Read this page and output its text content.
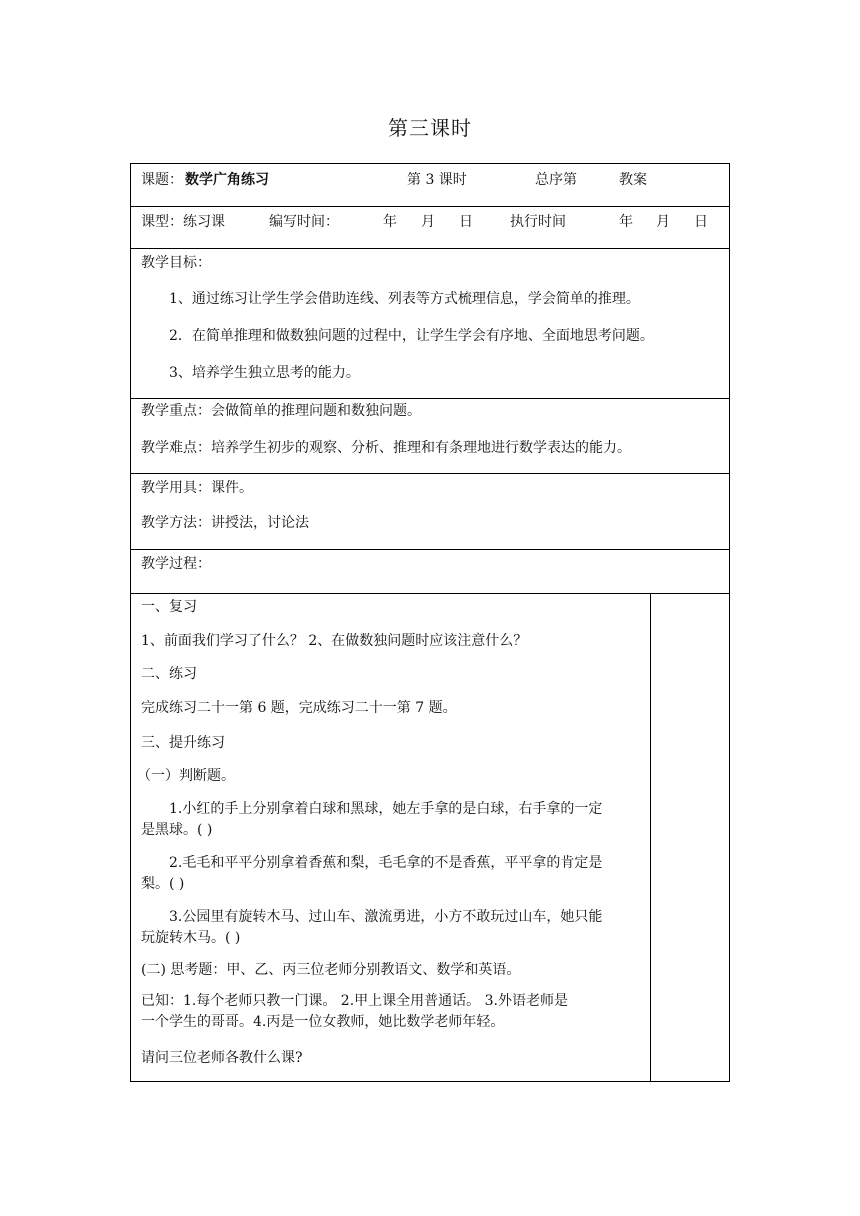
第三课时
课题： 数学广角练习	第 3 课时	总序第	教案
课型：练习课	编写时间：	年 月 日	执行时间	年 月 日
教学目标：
1、通过练习让学生学会借助连线、列表等方式梳理信息，学会简单的推理。
2．在简单推理和做数独问题的过程中，让学生学会有序地、全面地思考问题。
3、培养学生独立思考的能力。
教学重点：会做简单的推理问题和数独问题。
教学难点：培养学生初步的观察、分析、推理和有条理地进行数学表达的能力。
教学用具：课件。
教学方法：讲授法，讨论法
教学过程：
一、复习
1、前面我们学习了什么？ 2、在做数独问题时应该注意什么？
二、练习
完成练习二十一第 6 题，完成练习二十一第 7 题。
三、提升练习
（一）判断题。
1.小红的手上分别拿着白球和黑球，她左手拿的是白球，右手拿的一定
是黑球。( )
2.毛毛和平平分别拿着香蕉和梨，毛毛拿的不是香蕉，平平拿的肯定是
梨。( )
3.公园里有旋转木马、过山车、激流勇进，小方不敢玩过山车，她只能
玩旋转木马。( )
(二) 思考题：甲、乙、丙三位老师分别教语文、数学和英语。
已知：1.每个老师只教一门课。 2.甲上课全用普通话。 3.外语老师是
一个学生的哥哥。4.丙是一位女教师，她比数学老师年轻。
请问三位老师各教什么课?
